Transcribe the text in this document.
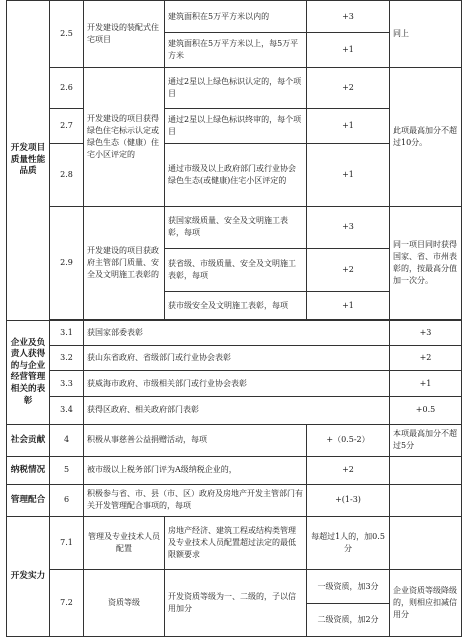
开发项目质量性能品质	2.5	开发建设的装配式住宅项目	建筑面积在5万平方米以内的	+3	同上
			建筑面积在5万平方米以上，每5万平方米	+1	
	2.6	开发建设的项目获得绿色住宅标示认定或绿色生态（健康）住宅小区评定的	通过2星以上绿色标识认定的，每个项目	+2	此项最高加分不超过10分。
	2.7		通过2星以上绿色标识终审的，每个项目	+1	
	2.8		通过市级及以上政府部门或行业协会绿色生态(或健康)住宅小区评定的	+1	
	2.9	开发建设的项目获政府主管部门质量、安全及文明施工表彰的	获国家级质量、安全及文明施工表彰，每项	+3	同一项目同时获得国家、省、市州表彰的，按最高分值加一次分。
			获省级、市级质量、安全及文明施工表彰，每项	+2	
			获市级安全及文明施工表彰，每项	+1	

企业及负责人获得的与企业经营管理相关的表彰	3.1	获国家部委表彰			+3
	3.2	获山东省政府、省级部门或行业协会表彰			+2
	3.3	获威海市政府、市级相关部门或行业协会表彰			+1
	3.4	获得区政府、相关政府部门表彰			+0.5
社会贡献	4	积极从事慈善公益捐赠活动，每项		+（0.5-2）	本项最高加分不超过5分
纳税情况	5	被市级以上税务部门评为A级纳税企业的，		+2	
管理配合	6	积极参与省、市、县（市、区）政府及房地产开发主管部门有关开发管理配合事项的，每项		+(1-3)	
开发实力	7.1	管理及专业技术人员配置	房地产经济、建筑工程或结构类管理及专业技术人员配置超过法定的最低限额要求	每超过1人的，加0.5分	
	7.2	资质等级	开发资质等级为一、二级的，子以信用加分	一级资质，加3分	企业资质等级降级的，则相应扣减信用分
				二级资质，加2分	
